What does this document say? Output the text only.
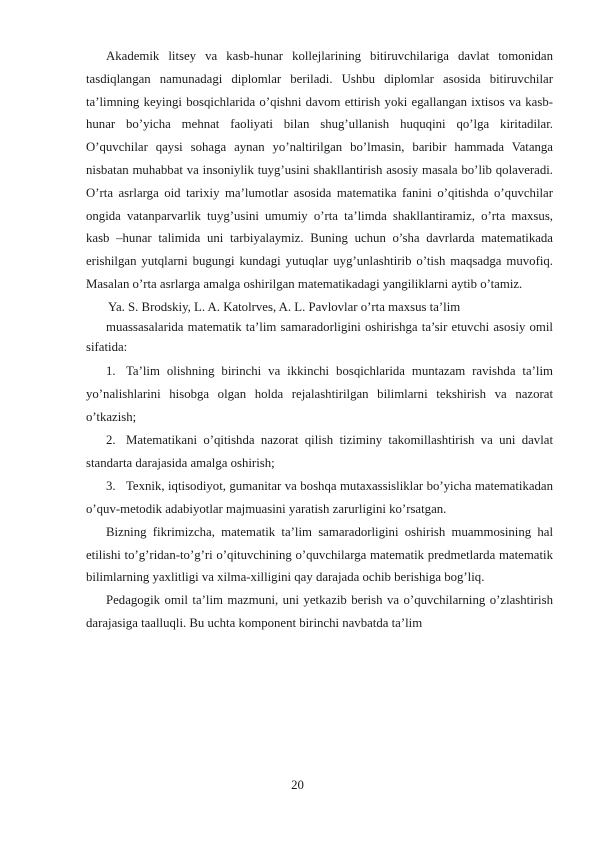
Akademik litsey va kasb-hunar kollejlarining bitiruvchilariga davlat tomonidan tasdiqlangan namunadagi diplomlar beriladi. Ushbu diplomlar asosida bitiruvchilar ta’limning keyingi bosqichlarida o’qishni davom ettirish yoki egallangan ixtisos va kasb-hunar bo’yicha mehnat faoliyati bilan shug’ullanish huquqini qo’lga kiritadilar. O’quvchilar qaysi sohaga aynan yo’naltirilgan bo’lmasin, baribir hammada Vatanga nisbatan muhabbat va insoniylik tuyg’usini shakllantirish asosiy masala bo’lib qolaveradi. O’rta asrlarga oid tarixiy ma’lumotlar asosida matematika fanini o’qitishda o’quvchilar ongida vatanparvarlik tuyg’usini umumiy o’rta ta’limda shakllantiramiz, o’rta maxsus, kasb –hunar talimida uni tarbiyalaymiz. Buning uchun o’sha davrlarda matematikada erishilgan yutqlarni bugungi kundagi yutuqlar uyg’unlashtirib o’tish maqsadga muvofiq. Masalan o’rta asrlarga amalga oshirilgan matematikadagi yangiliklarni aytib o’tamiz.

Ya. S. Brodskiy, L. A. Katolrves, A. L. Pavlovlar o’rta maxsus ta’lim
muassasalarida matematik ta’lim samaradorligini oshirishga ta’sir etuvchi asosiy omil sifatida:

1. Ta’lim olishning birinchi va ikkinchi bosqichlarida muntazam ravishda ta’lim yo’nalishlarini hisobga olgan holda rejalashtirilgan bilimlarni tekshirish va nazorat o’tkazish;

2. Matematikani o’qitishda nazorat qilish tiziminy takomillashtirish va uni davlat standarta darajasida amalga oshirish;

3. Texnik, iqtisodiyot, gumanitar va boshqa mutaxassisliklar bo’yicha matematikadan o’quv-metodik adabiyotlar majmuasini yaratish zarurligini ko’rsatgan.

Bizning fikrimizcha, matematik ta’lim samaradorligini oshirish muammosining hal etilishi to’g’ridan-to’g’ri o’qituvchining o’quvchilarga matematik predmetlarda matematik bilimlarning yaxlitligi va xilma-xilligini qay darajada ochib berishiga bog’liq.

Pedagogik omil ta’lim mazmuni, uni yetkazib berish va o’quvchilarning o’zlashtirish darajasiga taalluqli. Bu uchta komponent birinchi navbatda ta’lim

20
